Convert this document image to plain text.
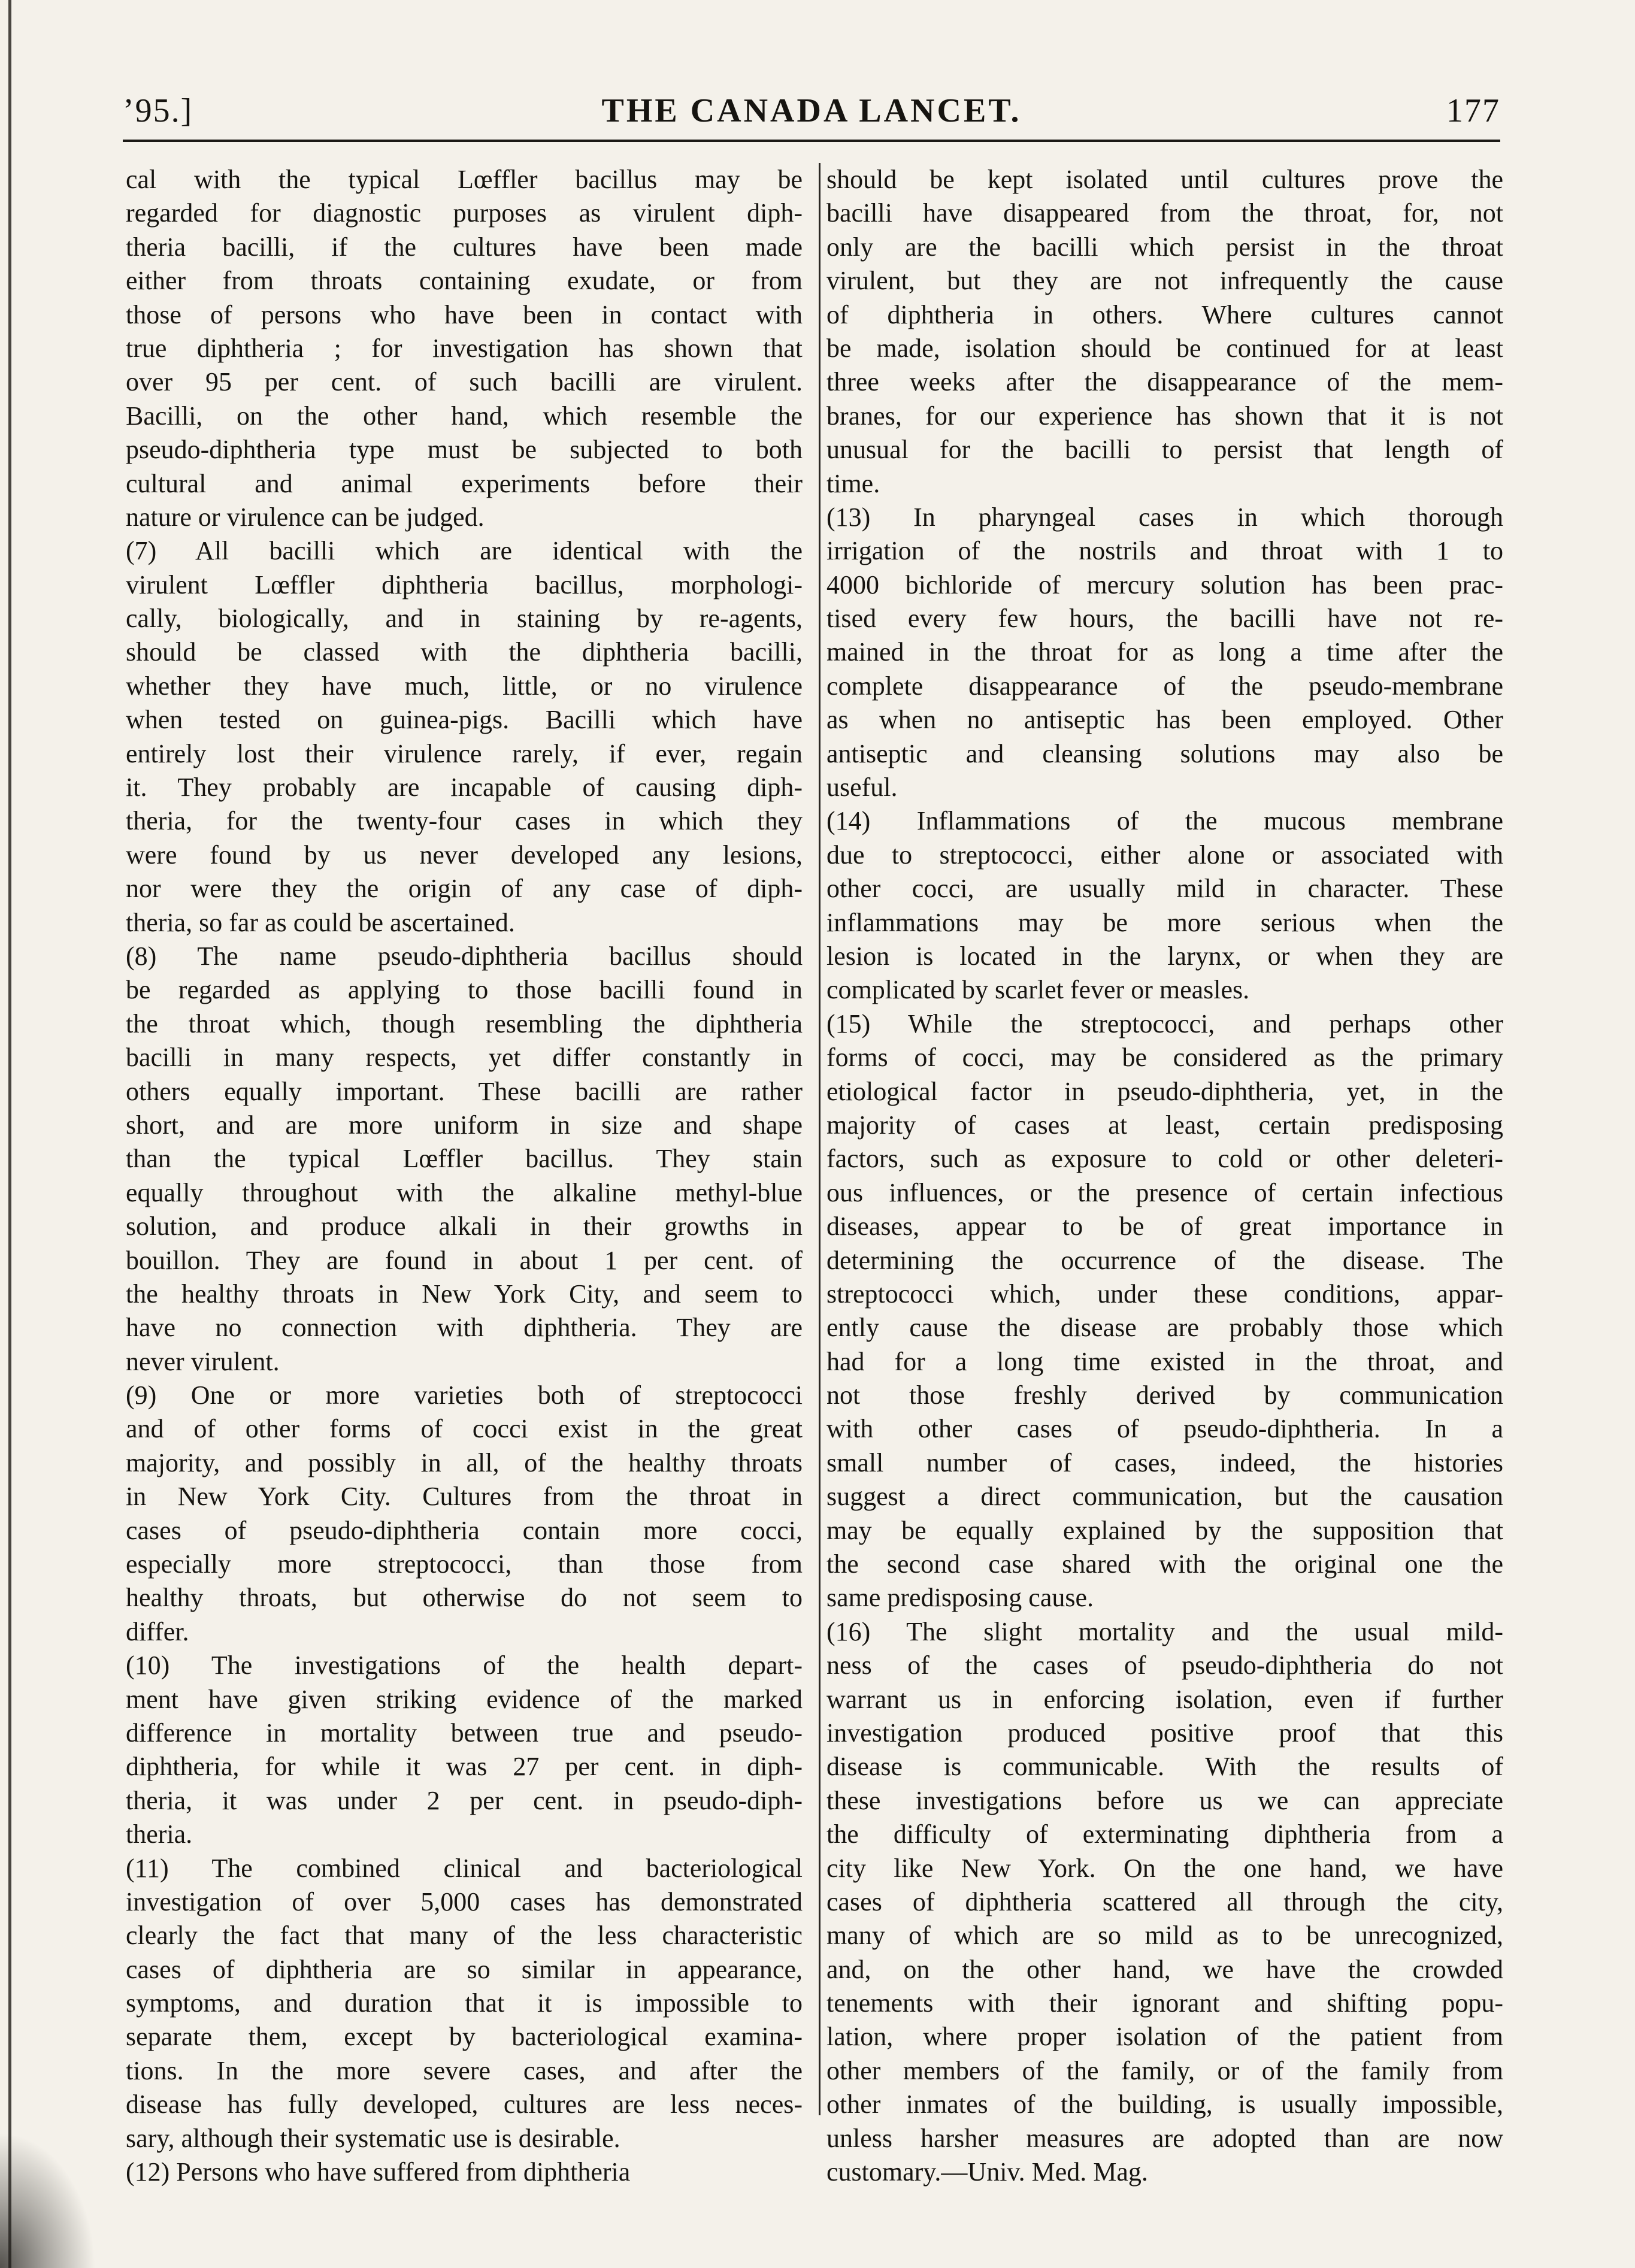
’95.]	THE CANADA LANCET.	177
cal with the typical Lœffler bacillus may be
regarded for diagnostic purposes as virulent diph-
theria bacilli, if the cultures have been made
either from throats containing exudate, or from
those of persons who have been in contact with
true diphtheria ; for investigation has shown that
over 95 per cent. of such bacilli are virulent.
Bacilli, on the other hand, which resemble the
pseudo-diphtheria type must be subjected to both
cultural and animal experiments before their
nature or virulence can be judged.
(7) All bacilli which are identical with the
virulent Lœffler diphtheria bacillus, morphologi-
cally, biologically, and in staining by re-agents,
should be classed with the diphtheria bacilli,
whether they have much, little, or no virulence
when tested on guinea-pigs. Bacilli which have
entirely lost their virulence rarely, if ever, regain
it. They probably are incapable of causing diph-
theria, for the twenty-four cases in which they
were found by us never developed any lesions,
nor were they the origin of any case of diph-
theria, so far as could be ascertained.
(8) The name pseudo-diphtheria bacillus should
be regarded as applying to those bacilli found in
the throat which, though resembling the diphtheria
bacilli in many respects, yet differ constantly in
others equally important. These bacilli are rather
short, and are more uniform in size and shape
than the typical Lœffler bacillus. They stain
equally throughout with the alkaline methyl-blue
solution, and produce alkali in their growths in
bouillon. They are found in about 1 per cent. of
the healthy throats in New York City, and seem to
have no connection with diphtheria. They are
never virulent.
(9) One or more varieties both of streptococci
and of other forms of cocci exist in the great
majority, and possibly in all, of the healthy throats
in New York City. Cultures from the throat in
cases of pseudo-diphtheria contain more cocci,
especially more streptococci, than those from
healthy throats, but otherwise do not seem to
differ.
(10) The investigations of the health depart-
ment have given striking evidence of the marked
difference in mortality between true and pseudo-
diphtheria, for while it was 27 per cent. in diph-
theria, it was under 2 per cent. in pseudo-diph-
theria.
(11) The combined clinical and bacteriological
investigation of over 5,000 cases has demonstrated
clearly the fact that many of the less characteristic
cases of diphtheria are so similar in appearance,
symptoms, and duration that it is impossible to
separate them, except by bacteriological examina-
tions. In the more severe cases, and after the
disease has fully developed, cultures are less neces-
sary, although their systematic use is desirable.
(12) Persons who have suffered from diphtheria
should be kept isolated until cultures prove the
bacilli have disappeared from the throat, for, not
only are the bacilli which persist in the throat
virulent, but they are not infrequently the cause
of diphtheria in others. Where cultures cannot
be made, isolation should be continued for at least
three weeks after the disappearance of the mem-
branes, for our experience has shown that it is not
unusual for the bacilli to persist that length of
time.
(13) In pharyngeal cases in which thorough
irrigation of the nostrils and throat with 1 to
4000 bichloride of mercury solution has been prac-
tised every few hours, the bacilli have not re-
mained in the throat for as long a time after the
complete disappearance of the pseudo-membrane
as when no antiseptic has been employed. Other
antiseptic and cleansing solutions may also be
useful.
(14) Inflammations of the mucous membrane
due to streptococci, either alone or associated with
other cocci, are usually mild in character. These
inflammations may be more serious when the
lesion is located in the larynx, or when they are
complicated by scarlet fever or measles.
(15) While the streptococci, and perhaps other
forms of cocci, may be considered as the primary
etiological factor in pseudo-diphtheria, yet, in the
majority of cases at least, certain predisposing
factors, such as exposure to cold or other deleteri-
ous influences, or the presence of certain infectious
diseases, appear to be of great importance in
determining the occurrence of the disease. The
streptococci which, under these conditions, appar-
ently cause the disease are probably those which
had for a long time existed in the throat, and
not those freshly derived by communication
with other cases of pseudo-diphtheria. In a
small number of cases, indeed, the histories
suggest a direct communication, but the causation
may be equally explained by the supposition that
the second case shared with the original one the
same predisposing cause.
(16) The slight mortality and the usual mild-
ness of the cases of pseudo-diphtheria do not
warrant us in enforcing isolation, even if further
investigation produced positive proof that this
disease is communicable. With the results of
these investigations before us we can appreciate
the difficulty of exterminating diphtheria from a
city like New York. On the one hand, we have
cases of diphtheria scattered all through the city,
many of which are so mild as to be unrecognized,
and, on the other hand, we have the crowded
tenements with their ignorant and shifting popu-
lation, where proper isolation of the patient from
other members of the family, or of the family from
other inmates of the building, is usually impossible,
unless harsher measures are adopted than are now
customary.—Univ. Med. Mag.
